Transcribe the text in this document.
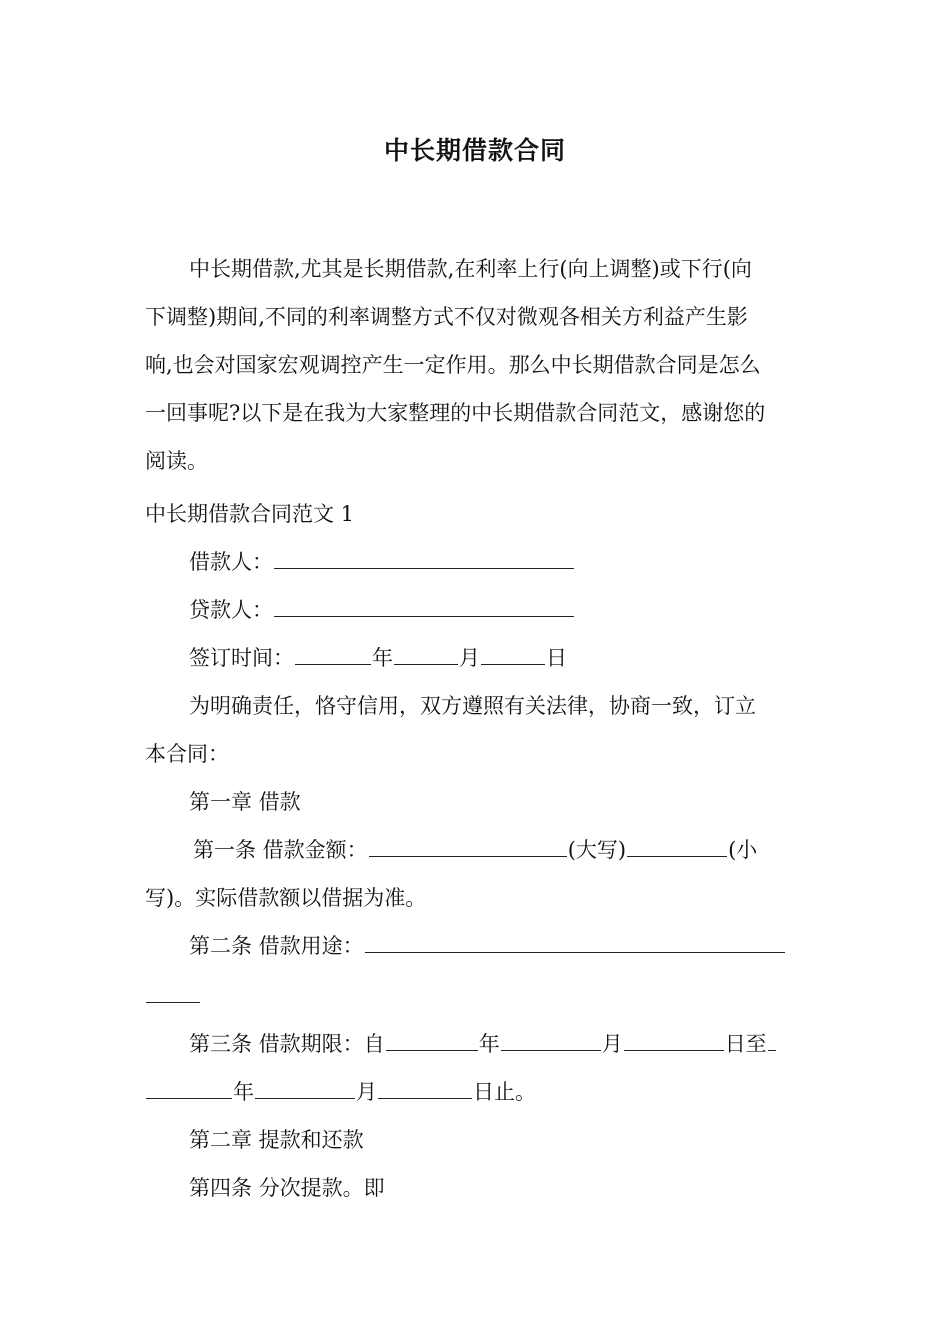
中长期借款合同
中长期借款,尤其是长期借款,在利率上行(向上调整)或下行(向
下调整)期间,不同的利率调整方式不仅对微观各相关方利益产生影
响,也会对国家宏观调控产生一定作用。那么中长期借款合同是怎么
一回事呢?以下是在我为大家整理的中长期借款合同范文，感谢您的
阅读。
中长期借款合同范文 1
借款人：
贷款人：
签订时间：	年	月	日
为明确责任，恪守信用，双方遵照有关法律，协商一致，订立
本合同：
第一章 借款
第一条 借款金额：	(大写)	(小
写)。实际借款额以借据为准。
第二条 借款用途：
第三条 借款期限：自	年	月	日至
年	月	日止。
第二章 提款和还款
第四条 分次提款。即
